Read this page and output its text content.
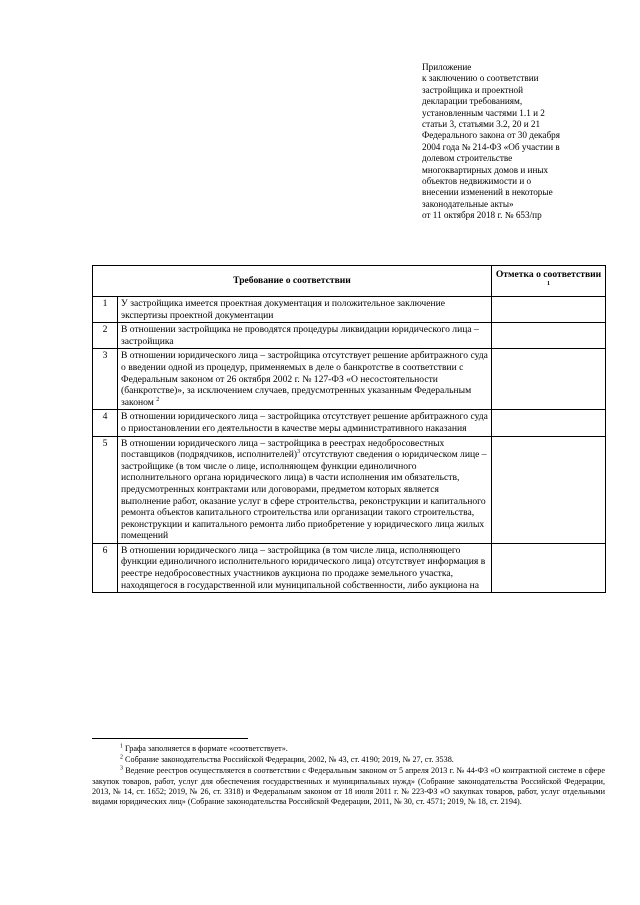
Приложение
к заключению о соответствии
застройщика и проектной
декларации требованиям,
установленным частями 1.1 и 2
статьи 3, статьями 3.2, 20 и 21
Федерального закона от 30 декабря
2004 года № 214-ФЗ «Об участии в
долевом строительстве
многоквартирных домов и иных
объектов недвижимости и о
внесении изменений в некоторые
законодательные акты»
от 11 октября 2018 г. № 653/пр
Требование о соответствии		Отметка о соответствии $^1$
1	У застройщика имеется проектная документация и положительное заключение экспертизы проектной документации	
2	В отношении застройщика не проводятся процедуры ликвидации юридического лица – застройщика	
3	В отношении юридического лица – застройщика отсутствует решение арбитражного суда о введении одной из процедур, применяемых в деле о банкротстве в соответствии с Федеральным законом от 26 октября 2002 г. № 127-ФЗ «О несостоятельности (банкротстве)», за исключением случаев, предусмотренных указанным Федеральным законом $^2$	
4	В отношении юридического лица – застройщика отсутствует решение арбитражного суда о приостановлении его деятельности в качестве меры административного наказания	
5	В отношении юридического лица – застройщика в реестрах недобросовестных поставщиков (подрядчиков, исполнителей)$^3$ отсутствуют сведения о юридическом лице – застройщике (в том числе о лице, исполняющем функции единоличного исполнительного органа юридического лица) в части исполнения им обязательств, предусмотренных контрактами или договорами, предметом которых является выполнение работ, оказание услуг в сфере строительства, реконструкции и капитального ремонта объектов капитального строительства или организации такого строительства, реконструкции и капитального ремонта либо приобретение у юридического лица жилых помещений	
6	В отношении юридического лица – застройщика (в том числе лица, исполняющего функции единоличного исполнительного юридического лица) отсутствует информация в реестре недобросовестных участников аукциона по продаже земельного участка, находящегося в государственной или муниципальной собственности, либо аукциона на	

$^1$ Графа заполняется в формате «соответствует».

$^2$ Собрание законодательства Российской Федерации, 2002, № 43, ст. 4190; 2019, № 27, ст. 3538.

$^3$ Ведение реестров осуществляется в соответствии с Федеральным законом от 5 апреля 2013 г. № 44-ФЗ «О контрактной системе в сфере закупок товаров, работ, услуг для обеспечения государственных и муниципальных нужд» (Собрание законодательства Российской Федерации, 2013, № 14, ст. 1652; 2019, № 26, ст. 3318) и Федеральным законом от 18 июля 2011 г. № 223-ФЗ «О закупках товаров, работ, услуг отдельными видами юридических лиц» (Собрание законодательства Российской Федерации, 2011, № 30, ст. 4571; 2019, № 18, ст. 2194).
